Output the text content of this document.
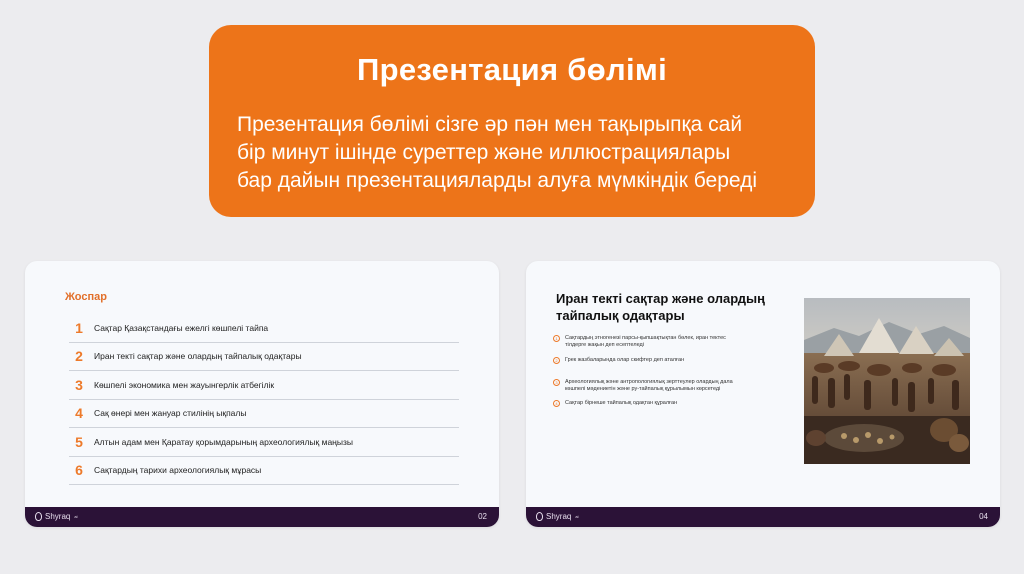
Презентация бөлімі
Презентация бөлімі сізге әр пән мен тақырыпқа сай
бір минут ішінде суреттер және иллюстрациялары
бар дайын презентацияларды алуға мүмкіндік береді
Жоспар
1	Сақтар Қазақстандағы ежелгі көшпелі тайпа
2	Иран текті сақтар және олардың тайпалық одақтары
3	Көшпелі экономика мен жауынгерлік атбегілік
4	Сақ өнері мен жануар стилінің ықпалы
5	Алтын адам мен Қаратау қорымдарының археологиялық маңызы
6	Сақтардың тарихи археологиялық мұрасы
Shyraq ai	02
Иран текті сақтар және олардың
тайпалық одақтары
1	Сақтардың этногенезі парсы-қыпшақтықтан бөлек, иран тектес
тілдерге жақын деп есептеледі
2	Грек жазбаларында олар скифтер деп аталған
3	Археологиялық және антропологиялық зерттеулер олардың дала
көшпелі мәдениетін және ру-тайпалық құрылымын көрсетеді
4	Сақтар бірнеше тайпалық одақтан құралған
Shyraq ai	04
